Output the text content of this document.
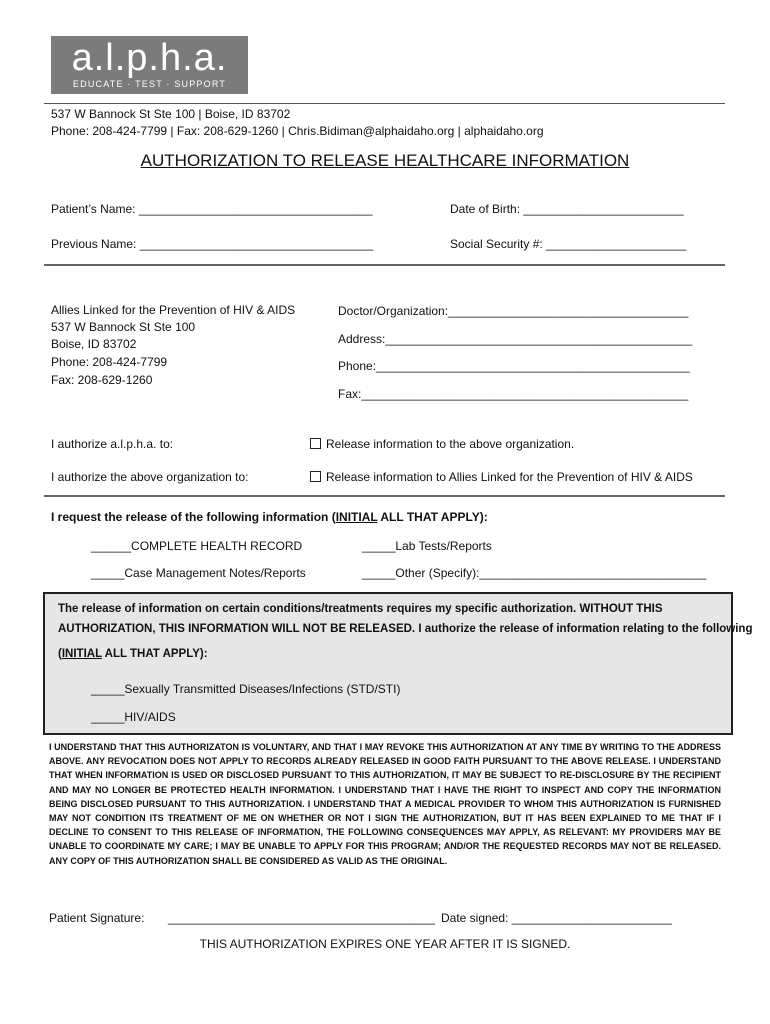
a.l.p.h.a.
EDUCATE · TEST · SUPPORT
537 W Bannock St Ste 100 | Boise, ID 83702
Phone: 208-424-7799 | Fax: 208-629-1260 | Chris.Bidiman@alphaidaho.org | alphaidaho.org
AUTHORIZATION TO RELEASE HEALTHCARE INFORMATION
Patient’s Name: ___________________________________	Date of Birth: ________________________
Previous Name: ___________________________________	Social Security #: _____________________
Allies Linked for the Prevention of HIV & AIDS
537 W Bannock St Ste 100
Boise, ID 83702
Phone: 208-424-7799
Fax: 208-629-1260
Doctor/Organization:____________________________________
Address:______________________________________________
Phone:_______________________________________________
Fax:_________________________________________________
I authorize a.l.p.h.a. to:	Release information to the above organization.
I authorize the above organization to:	Release information to Allies Linked for the Prevention of HIV & AIDS
I request the release of the following information (INITIAL ALL THAT APPLY):
______COMPLETE HEALTH RECORD	_____Lab Tests/Reports
_____Case Management Notes/Reports	_____Other (Specify):__________________________________
The release of information on certain conditions/treatments requires my specific authorization. WITHOUT THIS
AUTHORIZATION, THIS INFORMATION WILL NOT BE RELEASED. I authorize the release of information relating to the following
(INITIAL ALL THAT APPLY):
_____Sexually Transmitted Diseases/Infections (STD/STI)
_____HIV/AIDS
I UNDERSTAND THAT THIS AUTHORIZATON IS VOLUNTARY, AND THAT I MAY REVOKE THIS AUTHORIZATION AT ANY TIME BY WRITING TO THE ADDRESS ABOVE. ANY REVOCATION DOES NOT APPLY TO RECORDS ALREADY RELEASED IN GOOD FAITH PURSUANT TO THE ABOVE RELEASE. I UNDERSTAND THAT WHEN INFORMATION IS USED OR DISCLOSED PURSUANT TO THIS AUTHORIZATION, IT MAY BE SUBJECT TO RE-DISCLOSURE BY THE RECIPIENT AND MAY NO LONGER BE PROTECTED HEALTH INFORMATION. I UNDERSTAND THAT I HAVE THE RIGHT TO INSPECT AND COPY THE INFORMATION BEING DISCLOSED PURSUANT TO THIS AUTHORIZATION. I UNDERSTAND THAT A MEDICAL PROVIDER TO WHOM THIS AUTHORIZATION IS FURNISHED MAY NOT CONDITION ITS TREATMENT OF ME ON WHETHER OR NOT I SIGN THE AUTHORIZATION, BUT IT HAS BEEN EXPLAINED TO ME THAT IF I DECLINE TO CONSENT TO THIS RELEASE OF INFORMATION, THE FOLLOWING CONSEQUENCES MAY APPLY, AS RELEVANT: MY PROVIDERS MAY BE UNABLE TO COORDINATE MY CARE; I MAY BE UNABLE TO APPLY FOR THIS PROGRAM; AND/OR THE REQUESTED RECORDS MAY NOT BE RELEASED. ANY COPY OF THIS AUTHORIZATION SHALL BE CONSIDERED AS VALID AS THE ORIGINAL.
Patient Signature: ________________________________________ Date signed: ________________________
THIS AUTHORIZATION EXPIRES ONE YEAR AFTER IT IS SIGNED.
